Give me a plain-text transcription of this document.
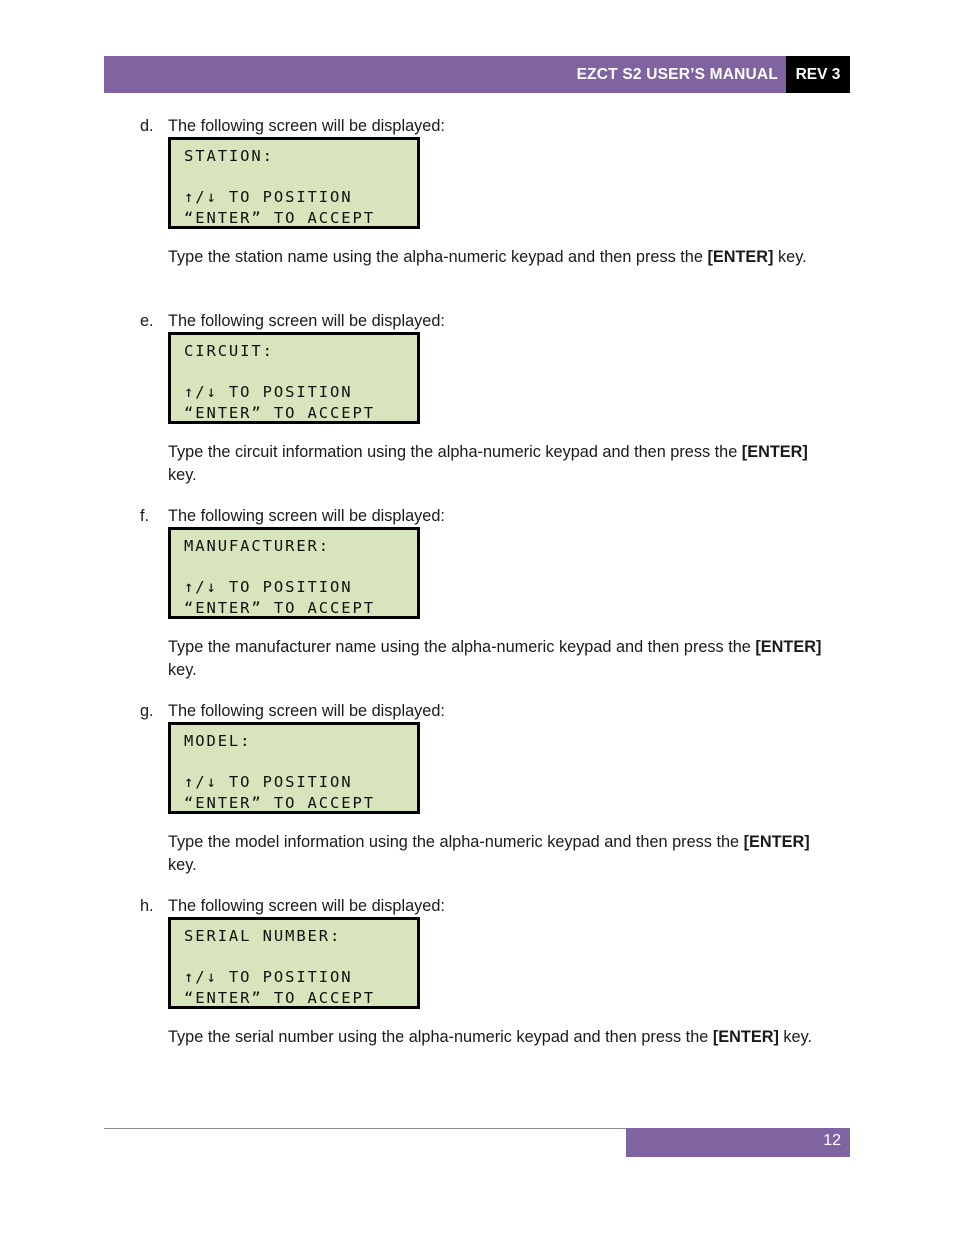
EZCT S2 USER’S MANUAL	REV 3
d. The following screen will be displayed:
STATION:
↑/↓ TO POSITION
“ENTER” TO ACCEPT
Type the station name using the alpha-numeric keypad and then press the [ENTER] key.
e. The following screen will be displayed:
CIRCUIT:
↑/↓ TO POSITION
“ENTER” TO ACCEPT
Type the circuit information using the alpha-numeric keypad and then press the [ENTER] key.
f. The following screen will be displayed:
MANUFACTURER:
↑/↓ TO POSITION
“ENTER” TO ACCEPT
Type the manufacturer name using the alpha-numeric keypad and then press the [ENTER] key.
g. The following screen will be displayed:
MODEL:
↑/↓ TO POSITION
“ENTER” TO ACCEPT
Type the model information using the alpha-numeric keypad and then press the [ENTER] key.
h. The following screen will be displayed:
SERIAL NUMBER:
↑/↓ TO POSITION
“ENTER” TO ACCEPT
Type the serial number using the alpha-numeric keypad and then press the [ENTER] key.
12
